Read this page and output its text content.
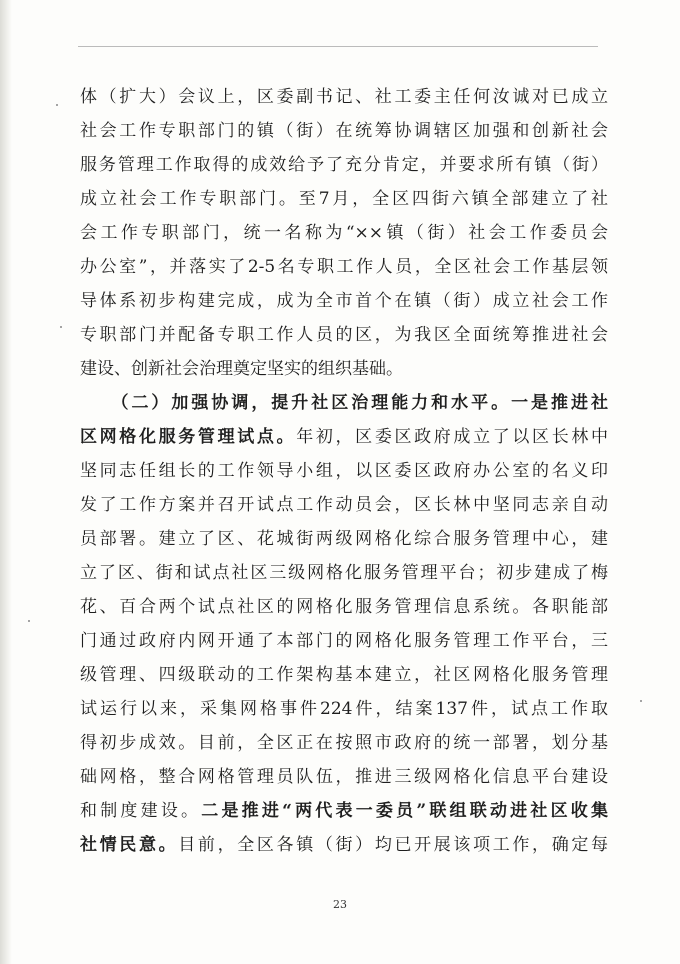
体（扩大）会议上，区委副书记、社工委主任何汝诚对已成立
社会工作专职部门的镇（街）在统筹协调辖区加强和创新社会
服务管理工作取得的成效给予了充分肯定，并要求所有镇（街）
成立社会工作专职部门。至7月，全区四街六镇全部建立了社
会工作专职部门，统一名称为“××镇（街）社会工作委员会
办公室”，并落实了2-5名专职工作人员，全区社会工作基层领
导体系初步构建完成，成为全市首个在镇（街）成立社会工作
专职部门并配备专职工作人员的区，为我区全面统筹推进社会
建设、创新社会治理奠定坚实的组织基础。
　　（二）加强协调，提升社区治理能力和水平。一是推进社
区网格化服务管理试点。年初，区委区政府成立了以区长林中
坚同志任组长的工作领导小组，以区委区政府办公室的名义印
发了工作方案并召开试点工作动员会，区长林中坚同志亲自动
员部署。建立了区、花城街两级网格化综合服务管理中心，建
立了区、街和试点社区三级网格化服务管理平台；初步建成了梅
花、百合两个试点社区的网格化服务管理信息系统。各职能部
门通过政府内网开通了本部门的网格化服务管理工作平台，三
级管理、四级联动的工作架构基本建立，社区网格化服务管理
试运行以来，采集网格事件224件，结案137件，试点工作取
得初步成效。目前，全区正在按照市政府的统一部署，划分基
础网格，整合网格管理员队伍，推进三级网格化信息平台建设
和制度建设。二是推进“两代表一委员”联组联动进社区收集
社情民意。目前，全区各镇（街）均已开展该项工作，确定每
23
